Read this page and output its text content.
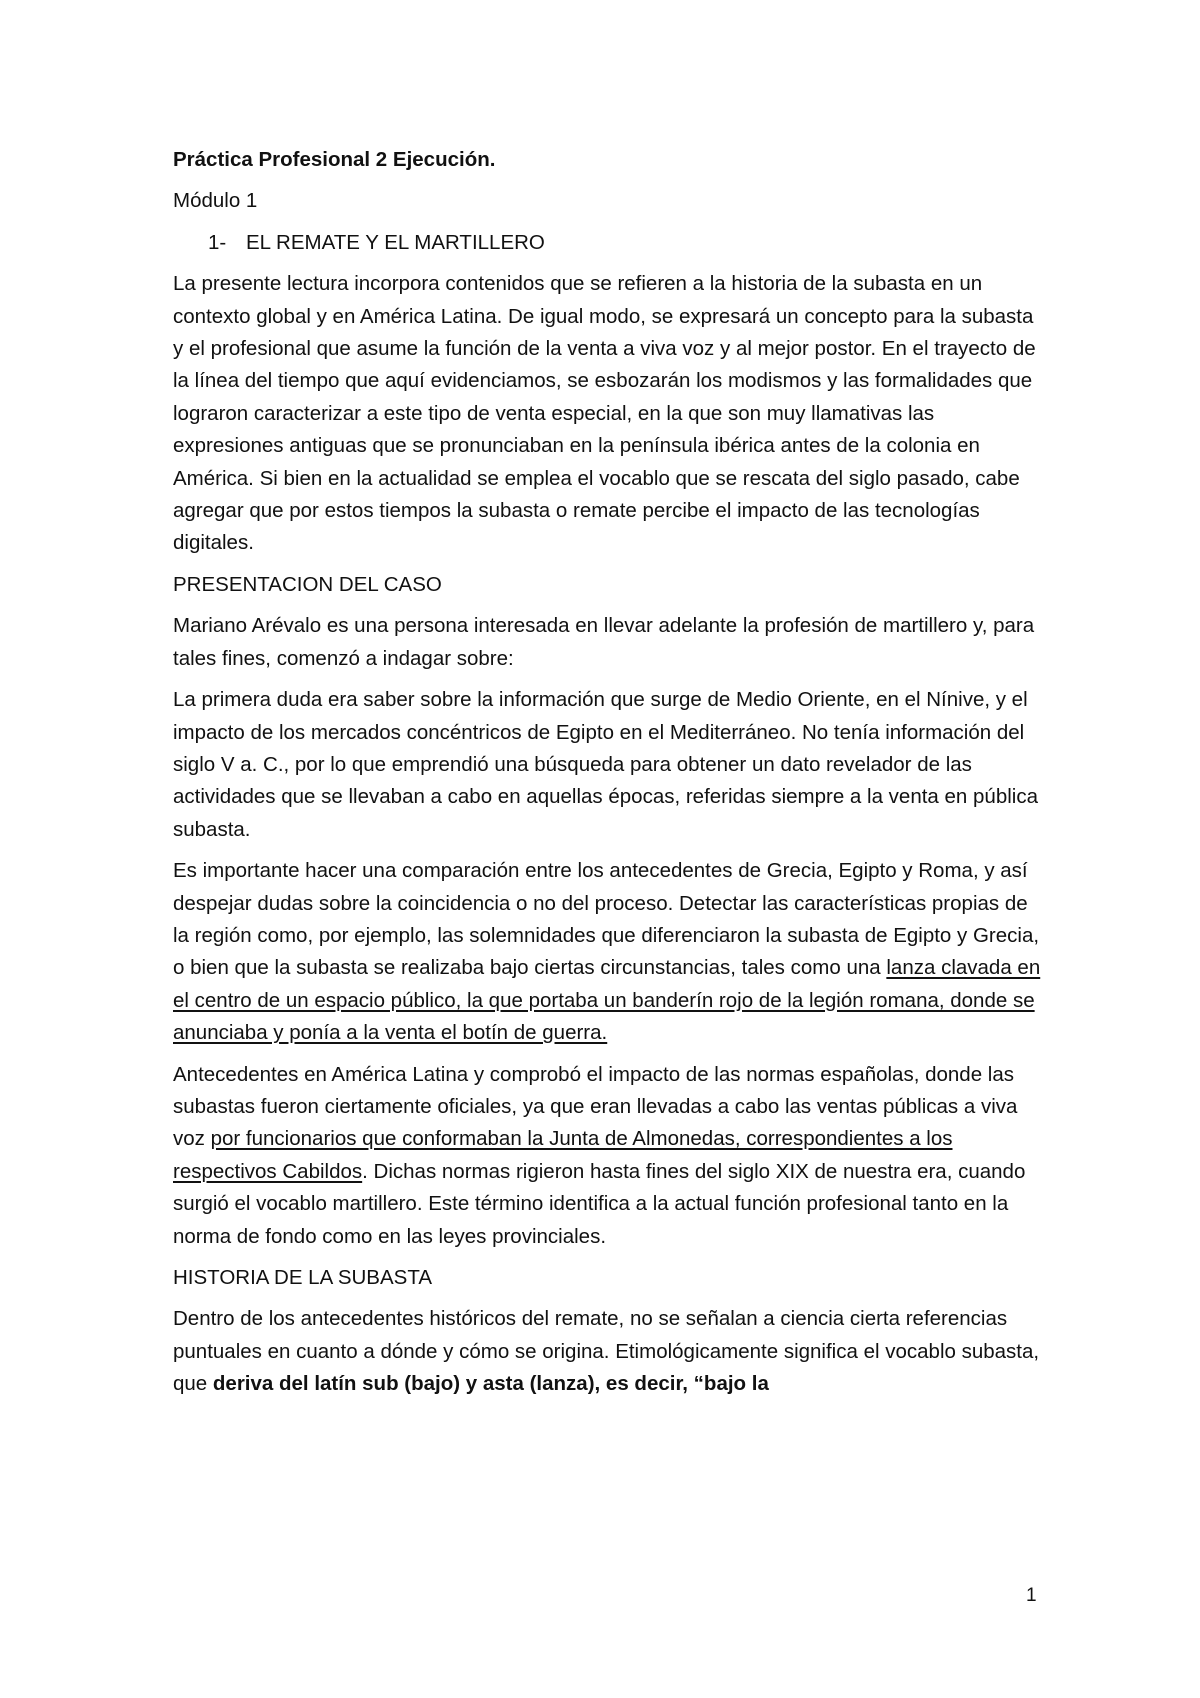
Práctica Profesional 2 Ejecución.
Módulo 1
1- EL REMATE Y EL MARTILLERO

La presente lectura incorpora contenidos que se refieren a la historia de la subasta en un contexto global y en América Latina. De igual modo, se expresará un concepto para la subasta y el profesional que asume la función de la venta a viva voz y al mejor postor. En el trayecto de la línea del tiempo que aquí evidenciamos, se esbozarán los modismos y las formalidades que lograron caracterizar a este tipo de venta especial, en la que son muy llamativas las expresiones antiguas que se pronunciaban en la península ibérica antes de la colonia en América. Si bien en la actualidad se emplea el vocablo que se rescata del siglo pasado, cabe agregar que por estos tiempos la subasta o remate percibe el impacto de las tecnologías digitales.

PRESENTACION DEL CASO

Mariano Arévalo es una persona interesada en llevar adelante la profesión de martillero y, para tales fines, comenzó a indagar sobre:

La primera duda era saber sobre la información que surge de Medio Oriente, en el Nínive, y el impacto de los mercados concéntricos de Egipto en el Mediterráneo. No tenía información del siglo V a. C., por lo que emprendió una búsqueda para obtener un dato revelador de las actividades que se llevaban a cabo en aquellas épocas, referidas siempre a la venta en pública subasta.

Es importante hacer una comparación entre los antecedentes de Grecia, Egipto y Roma, y así despejar dudas sobre la coincidencia o no del proceso. Detectar las características propias de la región como, por ejemplo, las solemnidades que diferenciaron la subasta de Egipto y Grecia, o bien que la subasta se realizaba bajo ciertas circunstancias, tales como una lanza clavada en el centro de un espacio público, la que portaba un banderín rojo de la legión romana, donde se anunciaba y ponía a la venta el botín de guerra.

Antecedentes en América Latina y comprobó el impacto de las normas españolas, donde las subastas fueron ciertamente oficiales, ya que eran llevadas a cabo las ventas públicas a viva voz por funcionarios que conformaban la Junta de Almonedas, correspondientes a los respectivos Cabildos. Dichas normas rigieron hasta fines del siglo XIX de nuestra era, cuando surgió el vocablo martillero. Este término identifica a la actual función profesional tanto en la norma de fondo como en las leyes provinciales.

HISTORIA DE LA SUBASTA

Dentro de los antecedentes históricos del remate, no se señalan a ciencia cierta referencias puntuales en cuanto a dónde y cómo se origina. Etimológicamente significa el vocablo subasta, que deriva del latín sub (bajo) y asta (lanza), es decir, “bajo la

1
